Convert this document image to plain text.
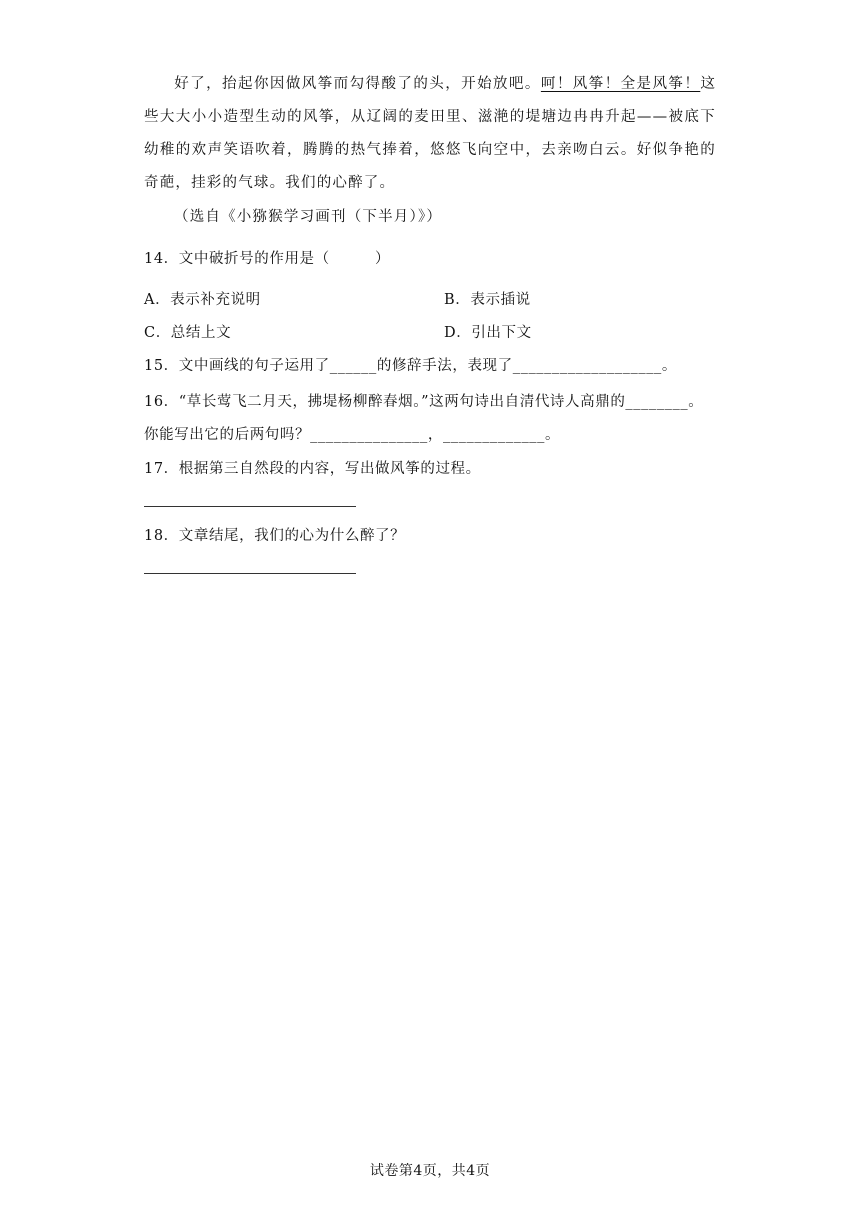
好了，抬起你因做风筝而勾得酸了的头，开始放吧。呵！风筝！全是风筝！这些大大小小造型生动的风筝，从辽阔的麦田里、滋滟的堤塘边冉冉升起——被底下幼稚的欢声笑语吹着，腾腾的热气捧着，悠悠飞向空中，去亲吻白云。好似争艳的奇葩，挂彩的气球。我们的心醉了。
（选自《小猕猴学习画刊（下半月）》）
14．文中破折号的作用是（　　　）
A．表示补充说明	B．表示插说
C．总结上文	D．引出下文
15．文中画线的句子运用了______的修辞手法，表现了___________________。
16．“草长莺飞二月天，拂堤杨柳醉春烟。”这两句诗出自清代诗人高鼎的________。你能写出它的后两句吗？_______________，_____________。
17．根据第三自然段的内容，写出做风筝的过程。
18．文章结尾，我们的心为什么醉了？
试卷第4页，共4页
